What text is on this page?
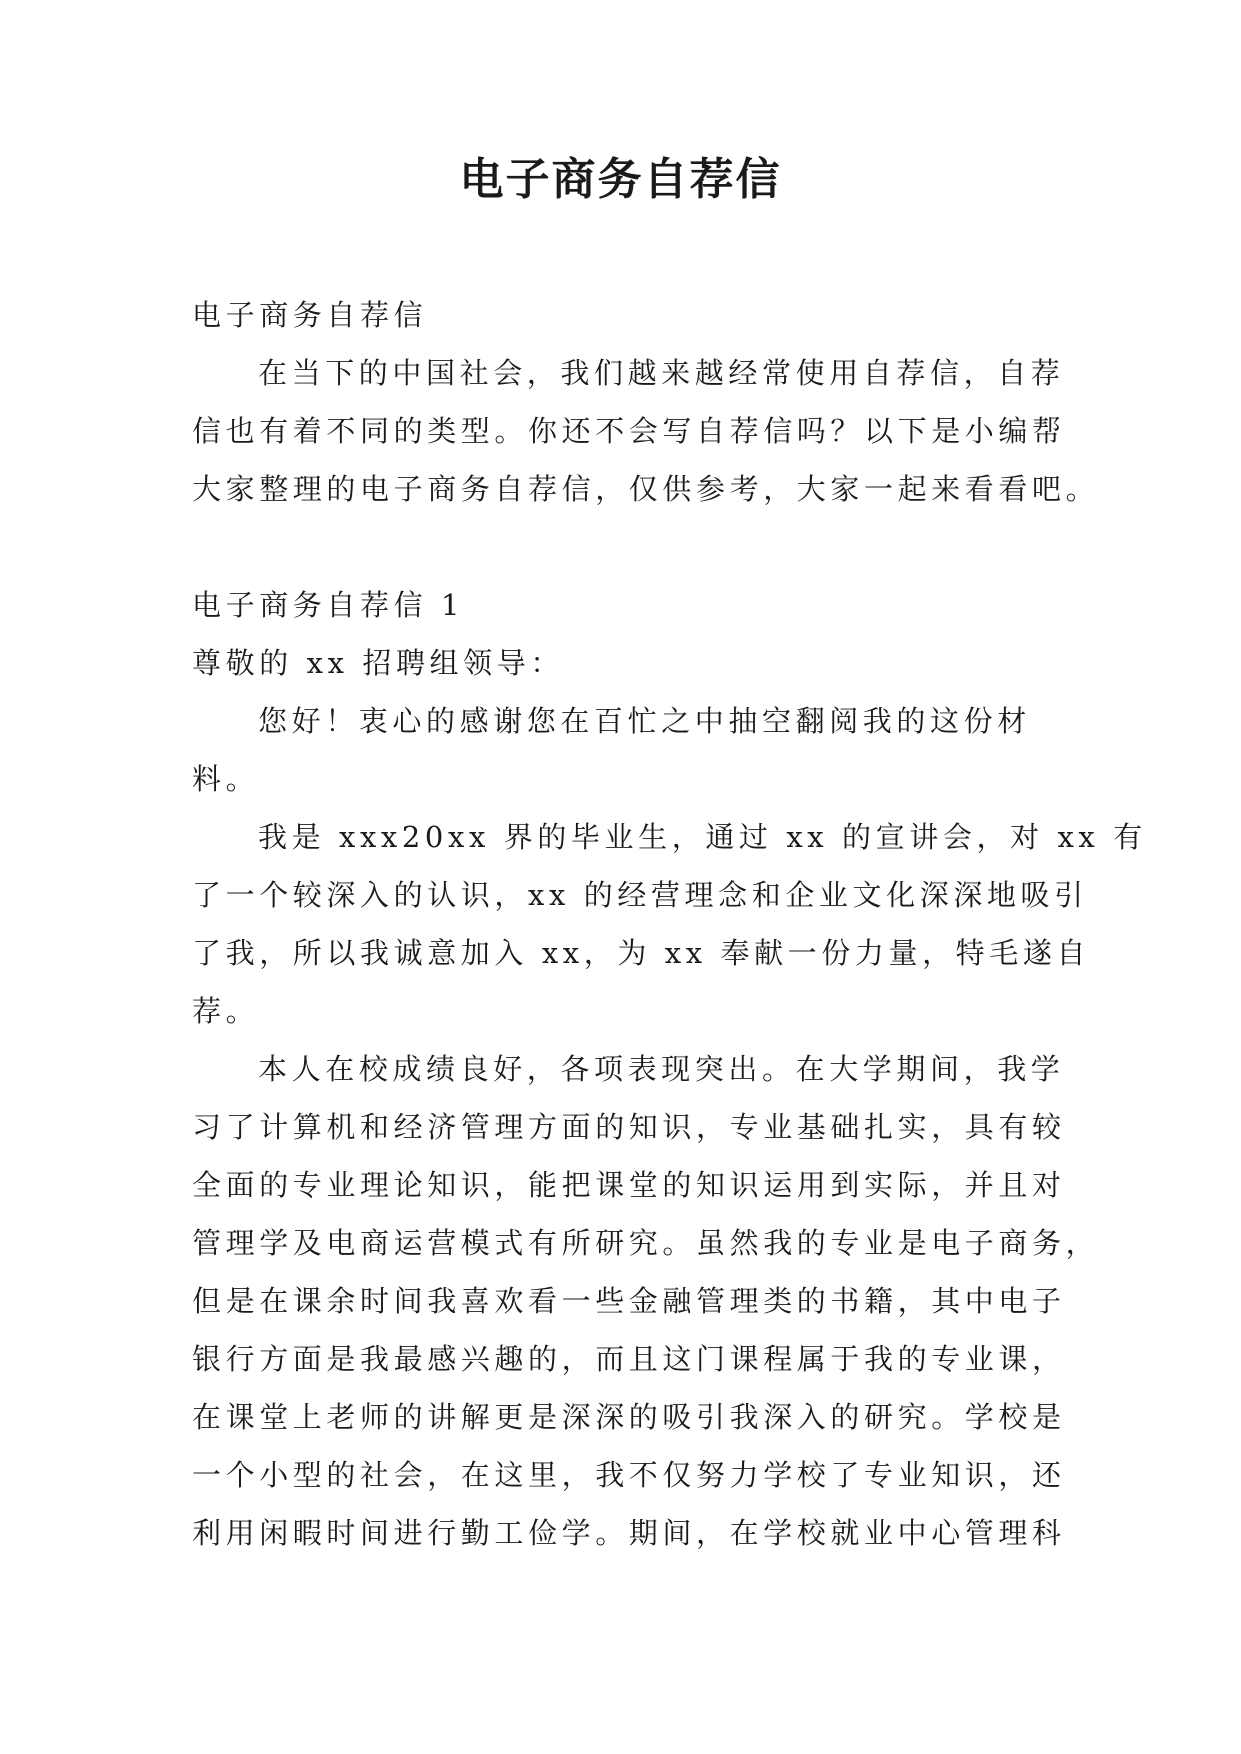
电子商务自荐信
电子商务自荐信
在当下的中国社会，我们越来越经常使用自荐信，自荐
信也有着不同的类型。你还不会写自荐信吗？以下是小编帮
大家整理的电子商务自荐信，仅供参考，大家一起来看看吧。
电子商务自荐信 1
尊敬的 xx 招聘组领导：
您好！衷心的感谢您在百忙之中抽空翻阅我的这份材
料。
我是 xxx20xx 界的毕业生，通过 xx 的宣讲会，对 xx 有
了一个较深入的认识，xx 的经营理念和企业文化深深地吸引
了我，所以我诚意加入 xx，为 xx 奉献一份力量，特毛遂自
荐。
本人在校成绩良好，各项表现突出。在大学期间，我学
习了计算机和经济管理方面的知识，专业基础扎实，具有较
全面的专业理论知识，能把课堂的知识运用到实际，并且对
管理学及电商运营模式有所研究。虽然我的专业是电子商务，
但是在课余时间我喜欢看一些金融管理类的书籍，其中电子
银行方面是我最感兴趣的，而且这门课程属于我的专业课，
在课堂上老师的讲解更是深深的吸引我深入的研究。学校是
一个小型的社会，在这里，我不仅努力学校了专业知识，还
利用闲暇时间进行勤工俭学。期间，在学校就业中心管理科
